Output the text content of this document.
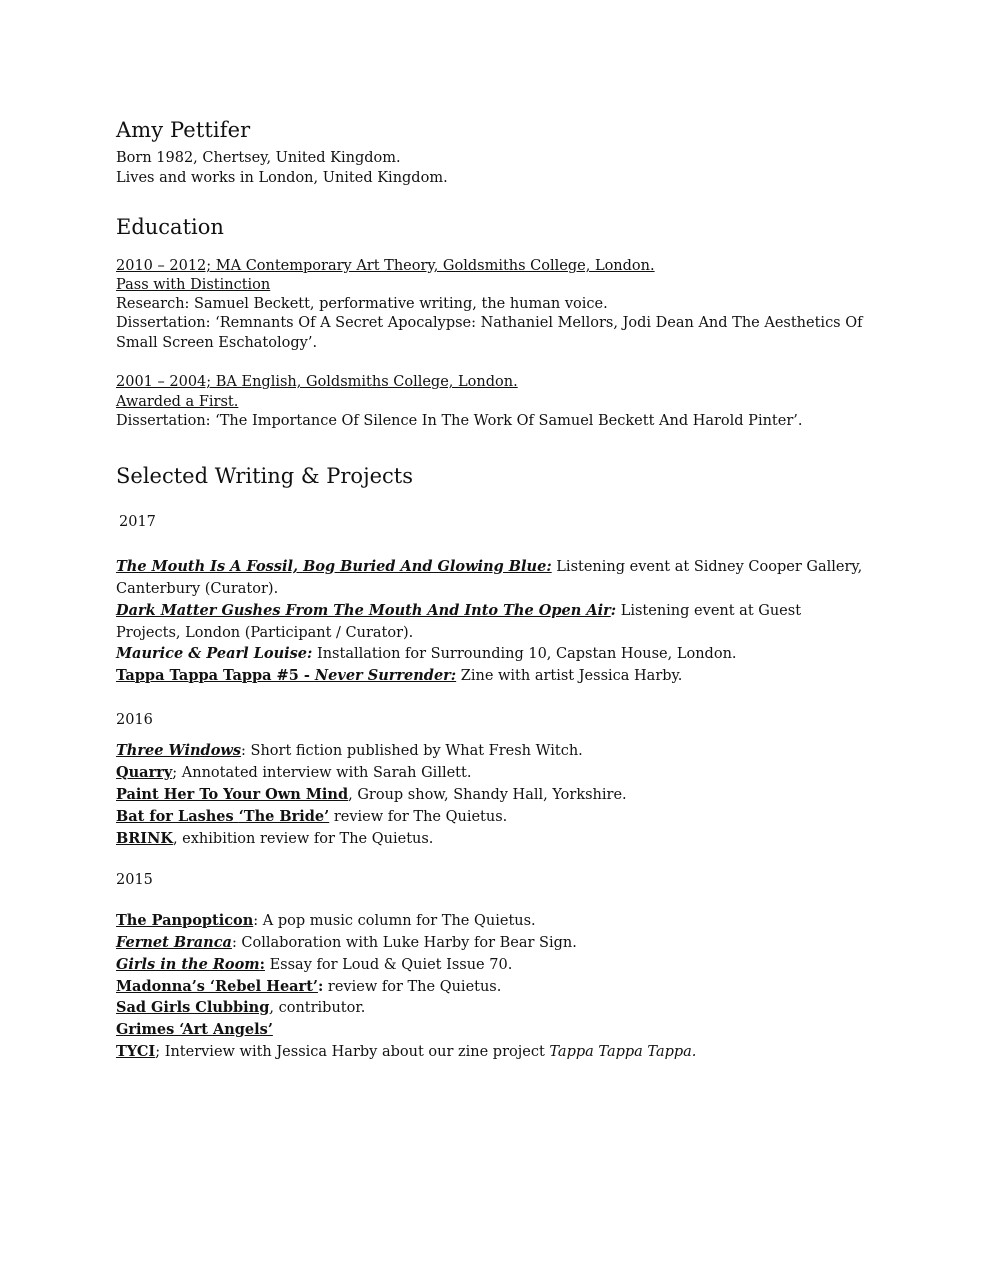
Amy Pettifer
Born 1982, Chertsey, United Kingdom.
Lives and works in London, United Kingdom.
Education
2010 – 2012; MA Contemporary Art Theory, Goldsmiths College, London.
Pass with Distinction
Research: Samuel Beckett, performative writing, the human voice.
Dissertation: ‘Remnants Of A Secret Apocalypse: Nathaniel Mellors, Jodi Dean And The Aesthetics Of Small Screen Eschatology’.
2001 – 2004; BA English, Goldsmiths College, London.
Awarded a First.
Dissertation: ‘The Importance Of Silence In The Work Of Samuel Beckett And Harold Pinter’.
Selected Writing & Projects
2017
The Mouth Is A Fossil, Bog Buried And Glowing Blue: Listening event at Sidney Cooper Gallery, Canterbury (Curator).
Dark Matter Gushes From The Mouth And Into The Open Air: Listening event at Guest Projects, London (Participant / Curator).
Maurice & Pearl Louise: Installation for Surrounding 10, Capstan House, London.
Tappa Tappa Tappa #5 - Never Surrender: Zine with artist Jessica Harby.
2016
Three Windows: Short fiction published by What Fresh Witch.
Quarry; Annotated interview with Sarah Gillett.
Paint Her To Your Own Mind, Group show, Shandy Hall, Yorkshire.
Bat for Lashes ‘The Bride’ review for The Quietus.
BRINK, exhibition review for The Quietus.
2015
The Panpopticon: A pop music column for The Quietus.
Fernet Branca: Collaboration with Luke Harby for Bear Sign.
Girls in the Room: Essay for Loud & Quiet Issue 70.
Madonna’s ‘Rebel Heart’: review for The Quietus.
Sad Girls Clubbing, contributor.
Grimes ‘Art Angels’
TYCI; Interview with Jessica Harby about our zine project Tappa Tappa Tappa.
